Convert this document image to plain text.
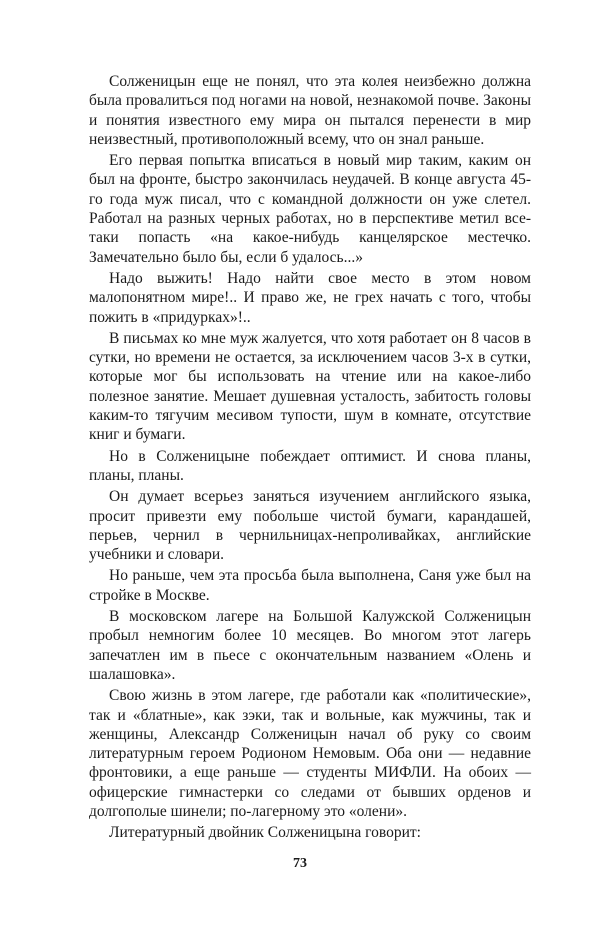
Солженицын еще не понял, что эта колея неизбежно должна была провалиться под ногами на новой, незнакомой почве. Законы и понятия известного ему мира он пытался перенести в мир неизвестный, противоположный всему, что он знал раньше.

Его первая попытка вписаться в новый мир таким, каким он был на фронте, быстро закончилась неудачей. В конце августа 45-го года муж писал, что с командной должности он уже слетел. Работал на разных черных работах, но в перспективе метил все-таки попасть «на какое-нибудь канцелярское местечко. Замечательно было бы, если б удалось...»

Надо выжить! Надо найти свое место в этом новом малопонятном мире!.. И право же, не грех начать с того, чтобы пожить в «придурках»!..

В письмах ко мне муж жалуется, что хотя работает он 8 часов в сутки, но времени не остается, за исключением часов 3-х в сутки, которые мог бы использовать на чтение или на какое-либо полезное занятие. Мешает душевная усталость, забитость головы каким-то тягучим месивом тупости, шум в комнате, отсутствие книг и бумаги.

Но в Солженицыне побеждает оптимист. И снова планы, планы, планы.

Он думает всерьез заняться изучением английского языка, просит привезти ему побольше чистой бумаги, карандашей, перьев, чернил в чернильницах-непроливайках, английские учебники и словари.

Но раньше, чем эта просьба была выполнена, Саня уже был на стройке в Москве.

В московском лагере на Большой Калужской Солженицын пробыл немногим более 10 месяцев. Во многом этот лагерь запечатлен им в пьесе с окончательным названием «Олень и шалашовка».

Свою жизнь в этом лагере, где работали как «политические», так и «блатные», как зэки, так и вольные, как мужчины, так и женщины, Александр Солженицын начал об руку со своим литературным героем Родионом Немовым. Оба они — недавние фронтовики, а еще раньше — студенты МИФЛИ. На обоих — офицерские гимнастерки со следами от бывших орденов и долгополые шинели; по-лагерному это «олени».

Литературный двойник Солженицына говорит:

73
